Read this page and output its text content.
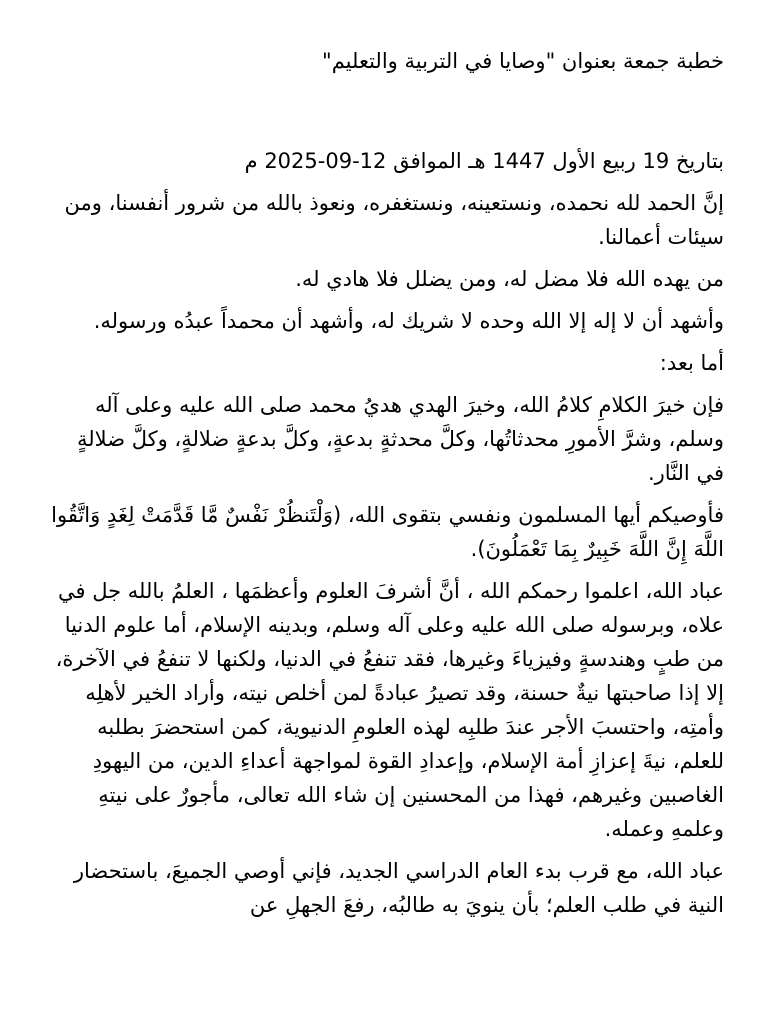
خطبة جمعة بعنوان "وصايا في التربية والتعليم"
بتاريخ 19 ربيع الأول 1447 هـ الموافق 12-09-2025 م

إنَّ الحمد لله نحمده، ونستعينه، ونستغفره، ونعوذ بالله من شرور أنفسنا، ومن سيئات أعمالنا.

من يهده الله فلا مضل له، ومن يضلل فلا هادي له.

وأشهد أن لا إله إلا الله وحده لا شريك له، وأشهد أن محمداً عبدُه ورسوله.

أما بعد:

فإن خيرَ الكلامِ كلامُ الله، وخيرَ الهدي هديُ محمد صلى الله عليه وعلى آله وسلم، وشرَّ الأمورِ محدثاتُها، وكلَّ محدثةٍ بدعةٍ، وكلَّ بدعةٍ ضلالةٍ، وكلَّ ضلالةٍ في النَّار.

فأوصيكم أيها المسلمون ونفسي بتقوى الله، (وَلْتَنظُرْ نَفْسٌ مَّا قَدَّمَتْ لِغَدٍ وَاتَّقُوا اللَّهَ إِنَّ اللَّهَ خَبِيرٌ بِمَا تَعْمَلُونَ).

عباد الله، اعلموا رحمكم الله ، أنَّ أشرفَ العلوم وأعظمَها ، العلمُ بالله جل في علاه، وبرسوله صلى الله عليه وعلى آله وسلم، وبدينه الإسلام، أما علوم الدنيا من طبٍ وهندسةٍ وفيزياءَ وغيرها، فقد تنفعُ في الدنيا، ولكنها لا تنفعُ في الآخرة، إلا إذا صاحبتها نيةٌ حسنة، وقد تصيرُ عبادةً لمن أخلص نيته، وأراد الخير لأهلِه وأمتِه، واحتسبَ الأجر عندَ طلبِه لهذه العلومِ الدنيوية، كمن استحضرَ بطلبه للعلم، نيةَ إعزازِ أمة الإسلام، وإعدادِ القوة لمواجهة أعداءِ الدين، من اليهودِ الغاصبين وغيرهم، فهذا من المحسنين إن شاء الله تعالى، مأجورٌ على نيتهِ وعلمهِ وعمله.

عباد الله، مع قرب بدء العام الدراسي الجديد، فإني أوصي الجميعَ، باستحضار النية في طلب العلم؛ بأن ينويَ به طالبُه، رفعَ الجهلِ عن
